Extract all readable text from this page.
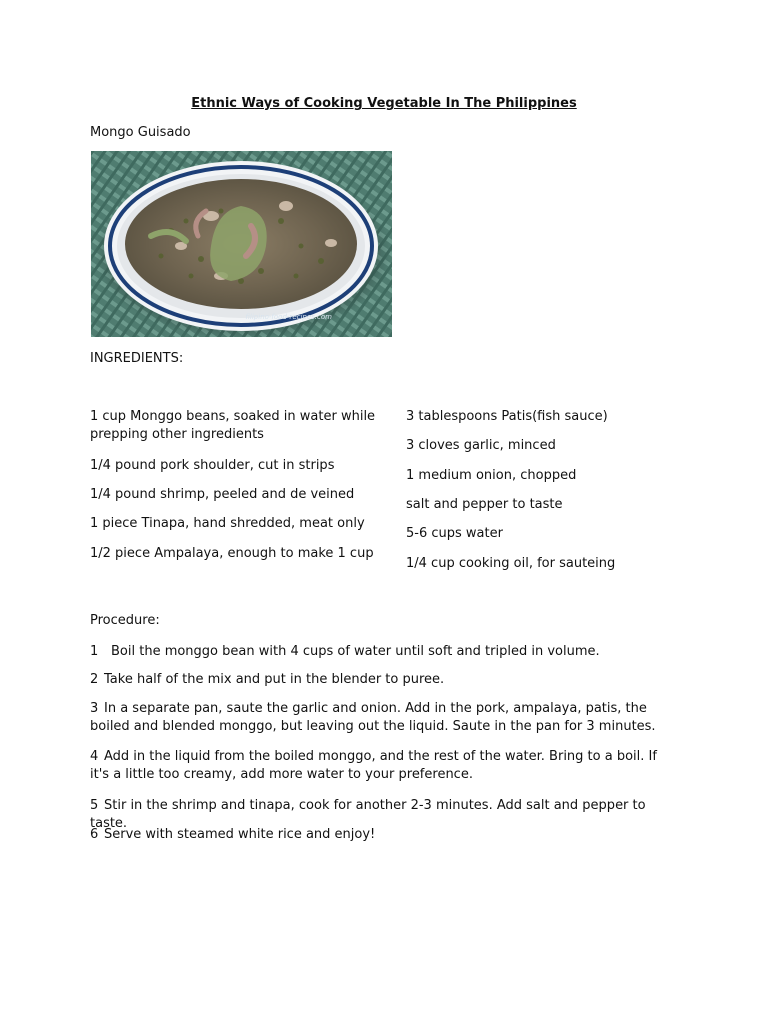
Ethnic Ways of Cooking Vegetable In The Philippines
Mongo Guisado
filipino-food-recipes.com
INGREDIENTS:
1 cup Monggo beans, soaked in water while prepping other ingredients
1/4 pound pork shoulder, cut in strips
1/4 pound shrimp, peeled and de veined
1 piece Tinapa, hand shredded, meat only
1/2 piece Ampalaya, enough to make 1 cup
3 tablespoons Patis(fish sauce)
3 cloves garlic, minced
1 medium onion, chopped
salt and pepper to taste
5-6 cups water
1/4 cup cooking oil, for sauteing
Procedure:
1 Boil the monggo bean with 4 cups of water until soft and tripled in volume.
2 Take half of the mix and put in the blender to puree.
3 In a separate pan, saute the garlic and onion. Add in the pork, ampalaya, patis, the boiled and blended monggo, but leaving out the liquid. Saute in the pan for 3 minutes.
4 Add in the liquid from the boiled monggo, and the rest of the water. Bring to a boil. If it's a little too creamy, add more water to your preference.
5 Stir in the shrimp and tinapa, cook for another 2-3 minutes. Add salt and pepper to taste.
6 Serve with steamed white rice and enjoy!
